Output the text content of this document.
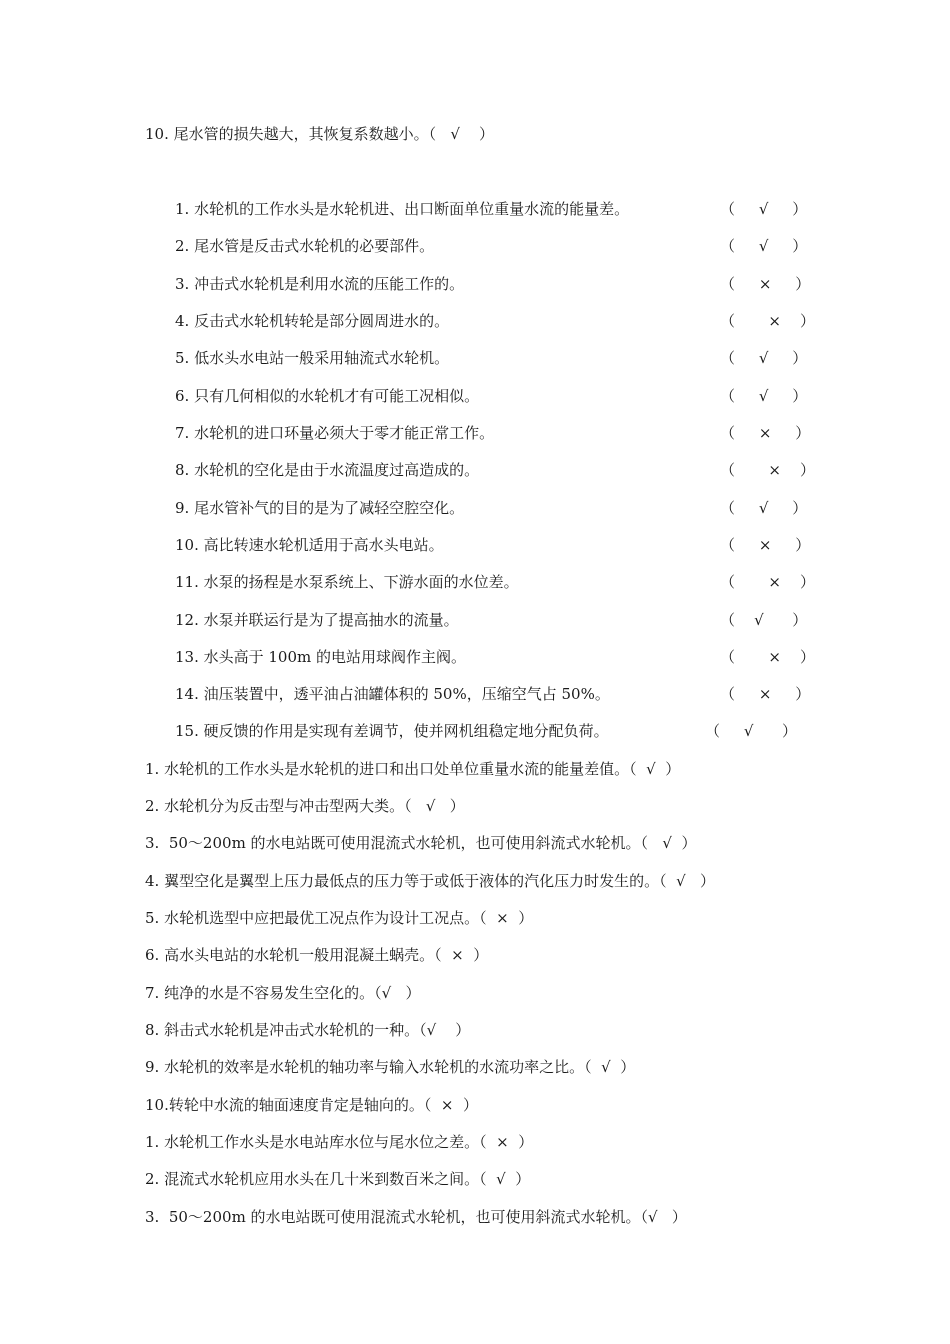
10. 尾水管的损失越大，其恢复系数越小。（   √    ）
1. 水轮机的工作水头是水轮机进、出口断面单位重量水流的能量差。	（     √     ）
2. 尾水管是反击式水轮机的必要部件。	（     √     ）
3. 冲击式水轮机是利用水流的压能工作的。	（     ×     ）
4. 反击式水轮机转轮是部分圆周进水的。	（       ×    ）
5. 低水头水电站一般采用轴流式水轮机。	（     √     ）
6. 只有几何相似的水轮机才有可能工况相似。	（     √     ）
7. 水轮机的进口环量必须大于零才能正常工作。	（     ×     ）
8. 水轮机的空化是由于水流温度过高造成的。	（       ×    ）
9. 尾水管补气的目的是为了减轻空腔空化。	（     √     ）
10. 高比转速水轮机适用于高水头电站。	（     ×     ）
11. 水泵的扬程是水泵系统上、下游水面的水位差。	（       ×    ）
12. 水泵并联运行是为了提高抽水的流量。	（    √      ）
13. 水头高于 100m 的电站用球阀作主阀。	（       ×    ）
14. 油压装置中，透平油占油罐体积的 50%，压缩空气占 50%。	（     ×     ）
15. 硬反馈的作用是实现有差调节，使并网机组稳定地分配负荷。	（     √      ）
1. 水轮机的工作水头是水轮机的进口和出口处单位重量水流的能量差值。（  √  ）
2. 水轮机分为反击型与冲击型两大类。（   √   ）
3.  50～200m 的水电站既可使用混流式水轮机，也可使用斜流式水轮机。（   √  ）
4. 翼型空化是翼型上压力最低点的压力等于或低于液体的汽化压力时发生的。（  √   ）
5. 水轮机选型中应把最优工况点作为设计工况点。（  ×  ）
6. 高水头电站的水轮机一般用混凝土蜗壳。（  ×  ）
7. 纯净的水是不容易发生空化的。（√   ）
8. 斜击式水轮机是冲击式水轮机的一种。（√    ）
9. 水轮机的效率是水轮机的轴功率与输入水轮机的水流功率之比。（  √  ）
10.转轮中水流的轴面速度肯定是轴向的。（  ×  ）
1. 水轮机工作水头是水电站库水位与尾水位之差。（  ×  ）
2. 混流式水轮机应用水头在几十米到数百米之间。（  √  ）
3.  50～200m 的水电站既可使用混流式水轮机，也可使用斜流式水轮机。（√   ）
